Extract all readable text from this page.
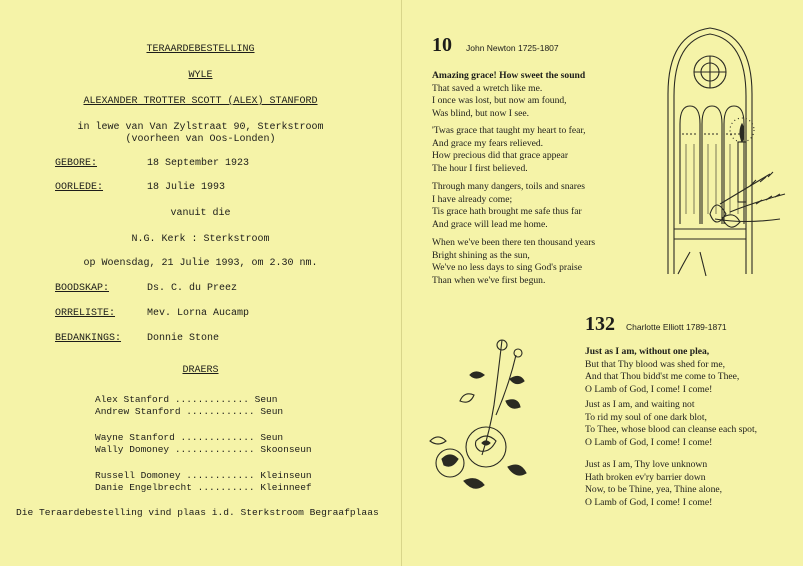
TERAARDEBESTELLING
WYLE
ALEXANDER TROTTER SCOTT (ALEX) STANFORD
in lewe van Van Zylstraat 90, Sterkstroom
(voorheen van Oos-Londen)
GEBORE:	18 September 1923
OORLEDE:	18 Julie 1993
vanuit die
N.G. Kerk : Sterkstroom
op Woensdag, 21 Julie 1993, om 2.30 nm.
BOODSKAP:	Ds. C. du Preez
ORRELISTE:	Mev. Lorna Aucamp
BEDANKINGS:	Donnie Stone
DRAERS
Alex Stanford ............. Seun
Andrew Stanford ............ Seun
Wayne Stanford ............. Seun
Wally Domoney .............. Skoonseun
Russell Domoney ............ Kleinseun
Danie Engelbrecht .......... Kleinneef
Die Teraardebestelling vind plaas i.d. Sterkstroom Begraafplaas
10 John Newton 1725-1807
Amazing grace! How sweet the sound
That saved a wretch like me.
I once was lost, but now am found,
Was blind, but now I see.
'Twas grace that taught my heart to fear,
And grace my fears relieved.
How precious did that grace appear
The hour I first believed.
Through many dangers, toils and snares
I have already come;
Tis grace hath brought me safe thus far
And grace will lead me home.
When we've been there ten thousand years
Bright shining as the sun,
We've no less days to sing God's praise
Than when we've first begun.
132 Charlotte Elliott 1789-1871
Just as I am, without one plea,
But that Thy blood was shed for me,
And that Thou bidd'st me come to Thee,
O Lamb of God, I come! I come!
Just as I am, and waiting not
To rid my soul of one dark blot,
To Thee, whose blood can cleanse each spot,
O Lamb of God, I come! I come!
Just as I am, Thy love unknown
Hath broken ev'ry barrier down
Now, to be Thine, yea, Thine alone,
O Lamb of God, I come! I come!
